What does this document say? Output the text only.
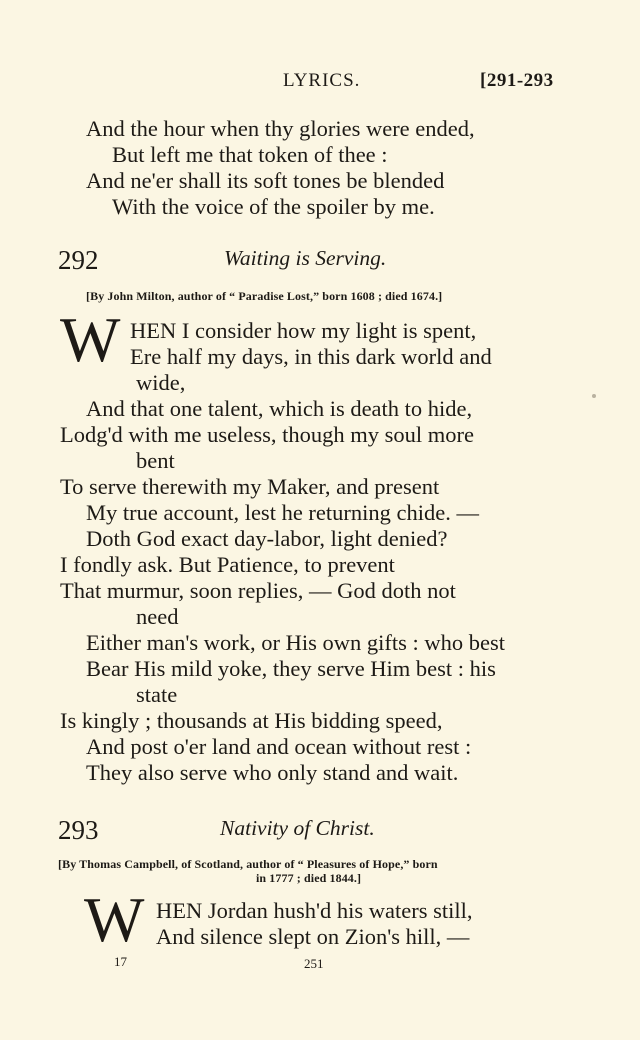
LYRICS.	[291-293
And the hour when thy glories were ended,
But left me that token of thee :
And ne'er shall its soft tones be blended
With the voice of the spoiler by me.
292	Waiting is Serving.
[By John Milton, author of “ Paradise Lost,” born 1608 ; died 1674.]
W HEN I consider how my light is spent,
Ere half my days, in this dark world and
wide,
And that one talent, which is death to hide,
Lodg'd with me useless, though my soul more
bent
To serve therewith my Maker, and present
My true account, lest he returning chide. —
Doth God exact day-labor, light denied?
I fondly ask. But Patience, to prevent
That murmur, soon replies, — God doth not
need
Either man's work, or His own gifts : who best
Bear His mild yoke, they serve Him best : his
state
Is kingly ; thousands at His bidding speed,
And post o'er land and ocean without rest :
They also serve who only stand and wait.
293	Nativity of Christ.
[By Thomas Campbell, of Scotland, author of “ Pleasures of Hope,” born
in 1777 ; died 1844.]
W HEN Jordan hush'd his waters still,
And silence slept on Zion's hill, —
17	251
